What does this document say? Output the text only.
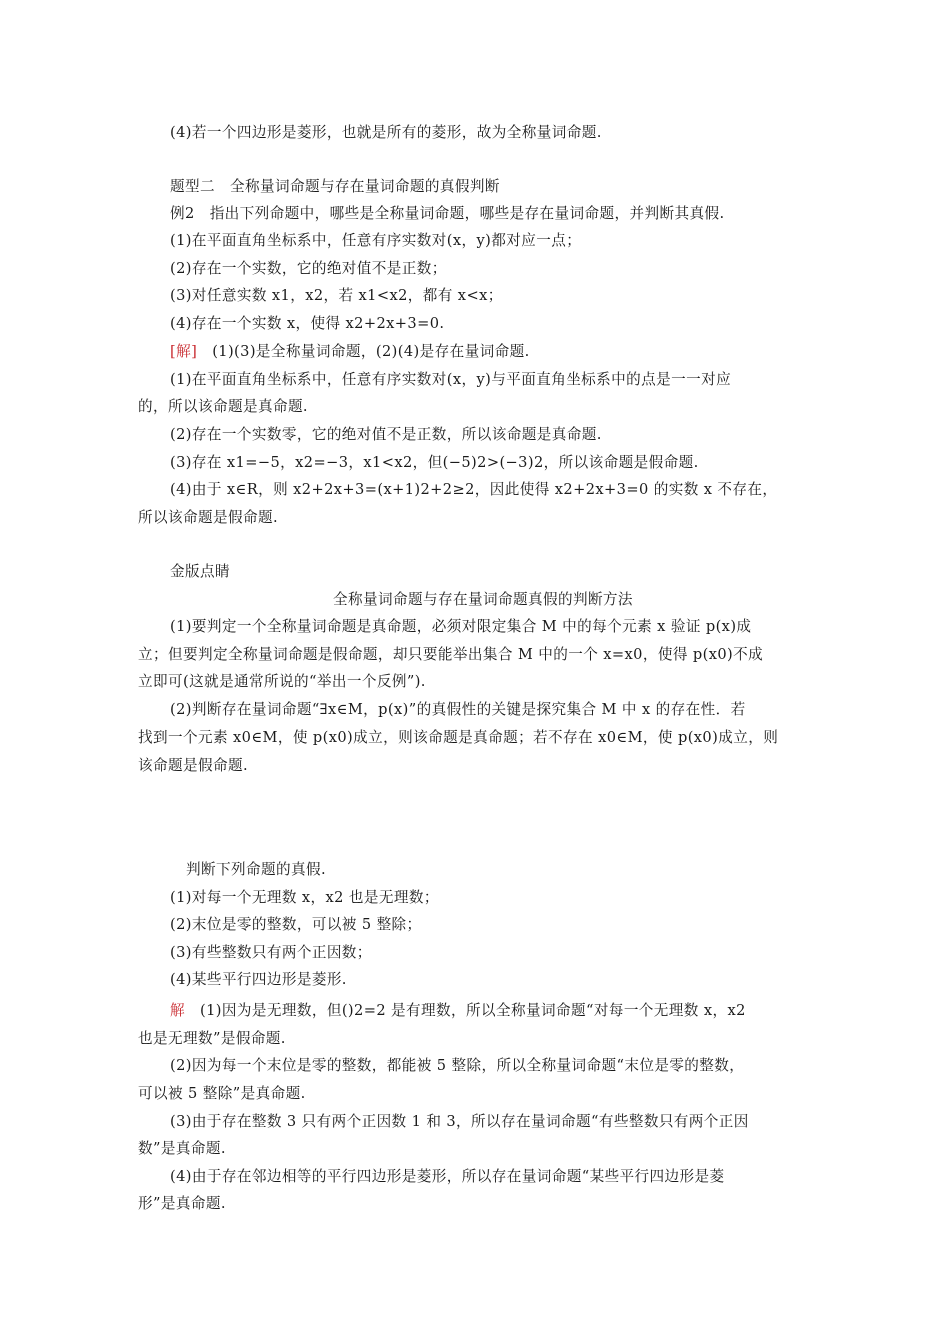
(4)若一个四边形是菱形，也就是所有的菱形，故为全称量词命题.
题型二　全称量词命题与存在量词命题的真假判断
例2　 指出下列命题中，哪些是全称量词命题，哪些是存在量词命题，并判断其真假.
(1)在平面直角坐标系中，任意有序实数对(x，y)都对应一点；
(2)存在一个实数，它的绝对值不是正数；
(3)对任意实数 x1，x2，若 x1<x2，都有 x<x；
(4)存在一个实数 x，使得 x2+2x+3=0.
[解]　 (1)(3)是全称量词命题，(2)(4)是存在量词命题.
(1)在平面直角坐标系中，任意有序实数对(x，y)与平面直角坐标系中的点是一一对应
的，所以该命题是真命题.
(2)存在一个实数零，它的绝对值不是正数，所以该命题是真命题.
(3)存在 x1=−5，x2=−3，x1<x2，但(−5)2>(−3)2，所以该命题是假命题.
(4)由于 x∈R，则 x2+2x+3=(x+1)2+2≥2，因此使得 x2+2x+3=0 的实数 x 不存在，
所以该命题是假命题.
金版点睛
全称量词命题与存在量词命题真假的判断方法
(1)要判定一个全称量词命题是真命题，必须对限定集合 M 中的每个元素 x 验证 p(x)成
立；但要判定全称量词命题是假命题，却只要能举出集合 M 中的一个 x=x0，使得 p(x0)不成
立即可(这就是通常所说的“举出一个反例”).
(2)判断存在量词命题“∃x∈M，p(x)”的真假性的关键是探究集合 M 中 x 的存在性．若
找到一个元素 x0∈M，使 p(x0)成立，则该命题是真命题；若不存在 x0∈M，使 p(x0)成立，则
该命题是假命题.
判断下列命题的真假.
(1)对每一个无理数 x，x2 也是无理数；
(2)末位是零的整数，可以被 5 整除；
(3)有些整数只有两个正因数；
(4)某些平行四边形是菱形.
解　 (1)因为是无理数，但()2=2 是有理数，所以全称量词命题“对每一个无理数 x，x2
也是无理数”是假命题.
(2)因为每一个末位是零的整数，都能被 5 整除，所以全称量词命题“末位是零的整数，
可以被 5 整除”是真命题.
(3)由于存在整数 3 只有两个正因数 1 和 3，所以存在量词命题“有些整数只有两个正因
数”是真命题.
(4)由于存在邻边相等的平行四边形是菱形，所以存在量词命题“某些平行四边形是菱
形”是真命题.
